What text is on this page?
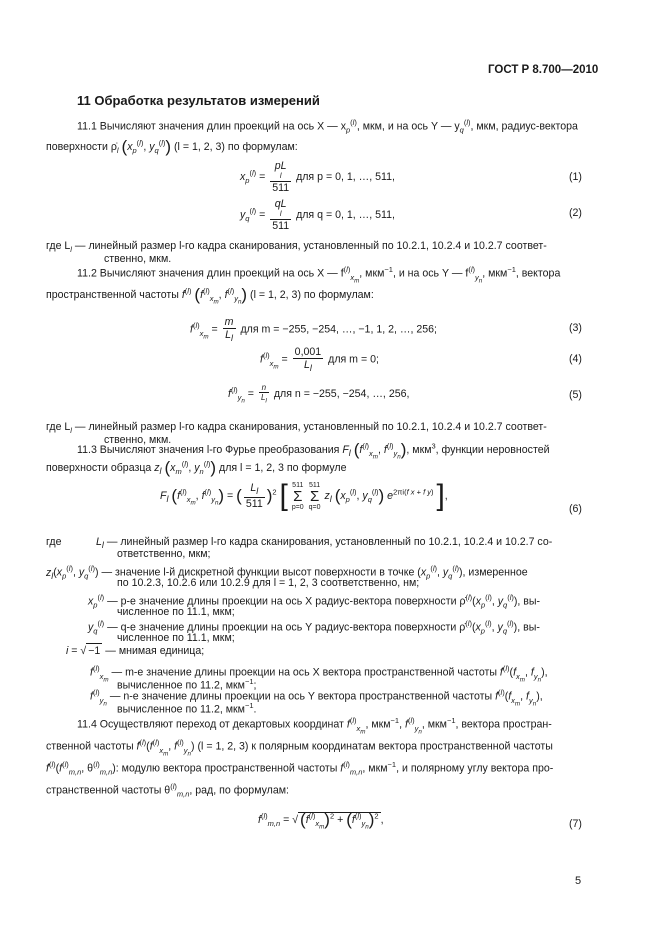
ГОСТ Р 8.700—2010
11 Обработка результатов измерений
11.1 Вычисляют значения длин проекций на ось X — $x_p^{(l)}$, мкм, и на ось Y — $y_q^{(l)}$, мкм, радиус-вектора
поверхности $\rhȯ_l$ ($x_p^{(l)}$, $y_q^{(l)}$) (l = 1, 2, 3) по формулам:
$x_p^{(l)}$ =
pL
l
511
для p = 0, 1, …, 511,	(1)
$y_q^{(l)}$ =
qL
l
511
для q = 0, 1, …, 511,	(2)
где $L_l$ — линейный размер l-го кадра сканирования, установленный по 10.2.1, 10.2.4 и 10.2.7 соответ-
ственно, мкм.
11.2 Вычисляют значения длин проекций на ось X — $f^{(l)}_{x_m}$, мкм$^{-1}$, и на ось Y — $f^{(l)}_{y_n}$, мкм$^{-1}$, вектора
пространственной частоты $f^{(l)}$ ($f^{(l)}_{x_m}$, $f^{(l)}_{y_n}$) (l = 1, 2, 3) по формулам:
$f^{(l)}_{x_m} = \frac{m}{L_l}$ для m = −255, −254, …, −1, 1, 2, …, 256;	(3)
$f^{(l)}_{x_m} = \frac{0,001}{L_l}$ для m = 0;	(4)
$f^{(l)}_{y_n} = \frac{n}{L_l}$ для n = −255, −254, …, 256,	(5)
где $L_l$ — линейный размер l-го кадра сканирования, установленный по 10.2.1, 10.2.4 и 10.2.7 соответ-
ственно, мкм.
11.3 Вычисляют значения l-го Фурье преобразования $F_l$ ($f^{(l)}_{x_m}$, $f^{(l)}_{y_n}$), мкм$^3$, функции неровностей
поверхности образца $z_l$ ($x_m^{(l)}$, $y_n^{(l)}$) для l = 1, 2, 3 по формуле
$F_l$ ($f^{(l)}_{x_m}$, $f^{(l)}_{y_n}$) = ( $\frac{L_l}{511} )^2$ [ 511
Σ
p=0 511
Σ
q=0 $z_l$ ($x_p^{(l)}$, $y_q^{(l)}$) $e^{2\pi i(f x + f y)}$ ],
(6)
где	$L_l$ — линейный размер l-го кадра сканирования, установленный по 10.2.1, 10.2.4 и 10.2.7 со-
ответственно, мкм;
$z_l(x_p^{(l)}$, $y_q^{(l)}$) — значение l-й дискретной функции высот поверхности в точке ($x_p^{(l)}$, $y_q^{(l)}$), измеренное
по 10.2.3, 10.2.6 или 10.2.9 для l = 1, 2, 3 соответственно, нм;
$x_p^{(l)}$ — p-е значение длины проекции на ось X радиус-вектора поверхности $\rhȯ^{(l)}(x_p^{(l)}$, $y_q^{(l)}$), вы-
численное по 11.1, мкм;
$y_q^{(l)}$ — q-е значение длины проекции на ось Y радиус-вектора поверхности $\rhȯ^{(l)}(x_p^{(l)}$, $y_q^{(l)}$), вы-
численное по 11.1, мкм;
i = √ −1 — мнимая единица;
$f^{(l)}_{x_m}$ — m-е значение длины проекции на ось X вектора пространственной частоты $f^{(l)}(f_{x_m}$, $f_{y_n}$),
вычисленное по 11.2, мкм$^{-1}$;
$f^{(l)}_{y_n}$ — n-е значение длины проекции на ось Y вектора пространственной частоты $f^{(l)}(f_{x_m}$, $f_{y_n}$),
вычисленное по 11.2, мкм$^{-1}$.
11.4 Осуществляют переход от декартовых координат $f^{(l)}_{x_m}$, мкм$^{-1}$, $f^{(l)}_{y_n}$, мкм$^{-1}$, вектора простран-
ственной частоты $f^{(l)}(f^{(l)}_{x_m}$, $f^{(l)}_{y_n}$) (l = 1, 2, 3) к полярным координатам вектора пространственной частоты
$f^{(l)}(f^{(l)}_{m,n}$, $\theta^{(l)}_{m,n}$): модулю вектора пространственной частоты $f^{(l)}_{m,n}$, мкм$^{-1}$, и полярному углу вектора про-
странственной частоты $\theta^{(l)}_{m,n}$, рад, по формулам:
$f^{(l)}_{m,n}$ = √ $(f^{(l)}_{x_m})^2 + (f^{(l)}_{y_n})^2$ ,	(7)
5
